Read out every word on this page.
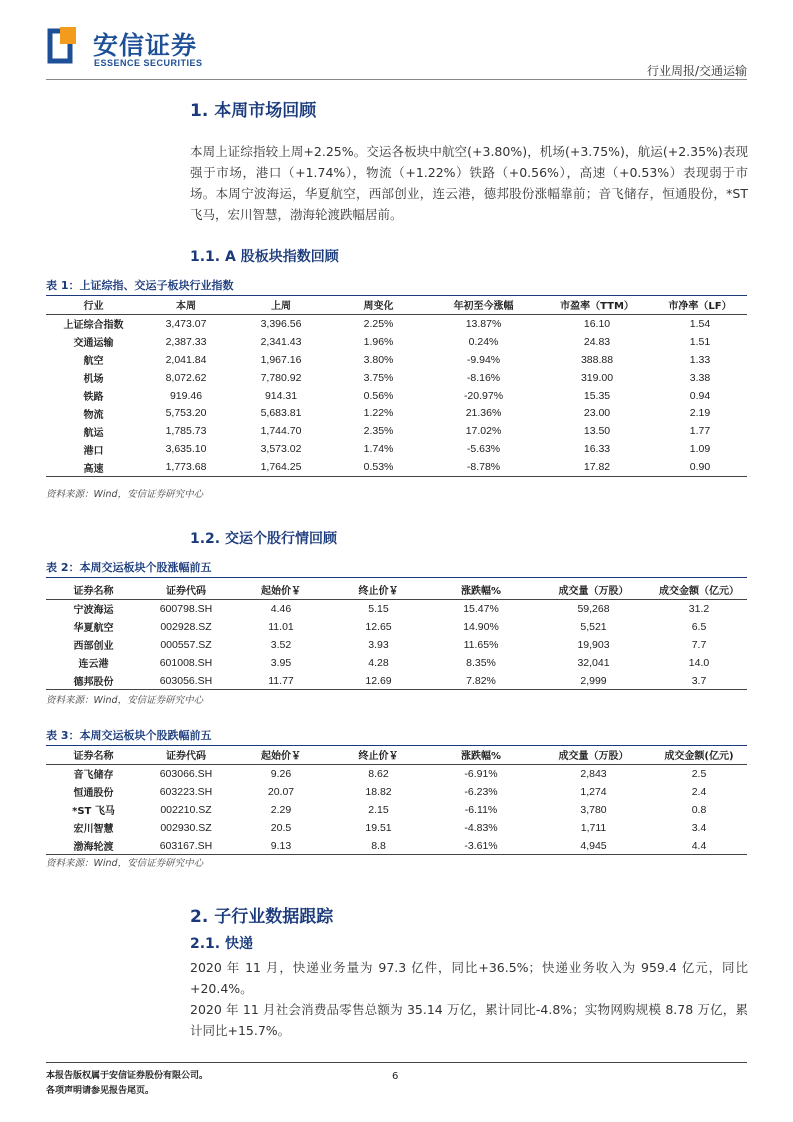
安信证券
ESSENCE SECURITIES
行业周报/交通运输
1. 本周市场回顾
本周上证综指较上周+2.25%。交运各板块中航空(+3.80%)，机场(+3.75%)，航运(+2.35%)表现强于市场，港口（+1.74%），物流（+1.22%）铁路（+0.56%），高速（+0.53%）表现弱于市场。本周宁波海运，华夏航空，西部创业，连云港，德邦股份涨幅靠前；音飞储存，恒通股份，*ST 飞马，宏川智慧，渤海轮渡跌幅居前。
1.1. A 股板块指数回顾
表 1：上证综指、交运子板块行业指数
行业	本周	上周	周变化	年初至今涨幅	市盈率（TTM）	市净率（LF）
上证综合指数	3,473.07	3,396.56	2.25%	13.87%	16.10	1.54
交通运输	2,387.33	2,341.43	1.96%	0.24%	24.83	1.51
航空	2,041.84	1,967.16	3.80%	-9.94%	388.88	1.33
机场	8,072.62	7,780.92	3.75%	-8.16%	319.00	3.38
铁路	919.46	914.31	0.56%	-20.97%	15.35	0.94
物流	5,753.20	5,683.81	1.22%	21.36%	23.00	2.19
航运	1,785.73	1,744.70	2.35%	17.02%	13.50	1.77
港口	3,635.10	3,573.02	1.74%	-5.63%	16.33	1.09
高速	1,773.68	1,764.25	0.53%	-8.78%	17.82	0.90
资料来源：Wind，安信证券研究中心
1.2. 交运个股行情回顾
表 2：本周交运板块个股涨幅前五
证券名称	证券代码	起始价￥	终止价￥	涨跌幅%	成交量（万股）	成交金额（亿元）
宁波海运	600798.SH	4.46	5.15	15.47%	59,268	31.2
华夏航空	002928.SZ	11.01	12.65	14.90%	5,521	6.5
西部创业	000557.SZ	3.52	3.93	11.65%	19,903	7.7
连云港	601008.SH	3.95	4.28	8.35%	32,041	14.0
德邦股份	603056.SH	11.77	12.69	7.82%	2,999	3.7
资料来源：Wind，安信证券研究中心
表 3：本周交运板块个股跌幅前五
证券名称	证券代码	起始价￥	终止价￥	涨跌幅%	成交量（万股）	成交金额(亿元)
音飞储存	603066.SH	9.26	8.62	-6.91%	2,843	2.5
恒通股份	603223.SH	20.07	18.82	-6.23%	1,274	2.4
*ST 飞马	002210.SZ	2.29	2.15	-6.11%	3,780	0.8
宏川智慧	002930.SZ	20.5	19.51	-4.83%	1,711	3.4
渤海轮渡	603167.SH	9.13	8.8	-3.61%	4,945	4.4
资料来源：Wind，安信证券研究中心
2. 子行业数据跟踪
2.1. 快递
2020 年 11 月，快递业务量为 97.3 亿件，同比+36.5%；快递业务收入为 959.4 亿元，同比+20.4%。
2020 年 11 月社会消费品零售总额为 35.14 万亿，累计同比-4.8%；实物网购规模 8.78 万亿，累计同比+15.7%。
本报告版权属于安信证券股份有限公司。
各项声明请参见报告尾页。
6
